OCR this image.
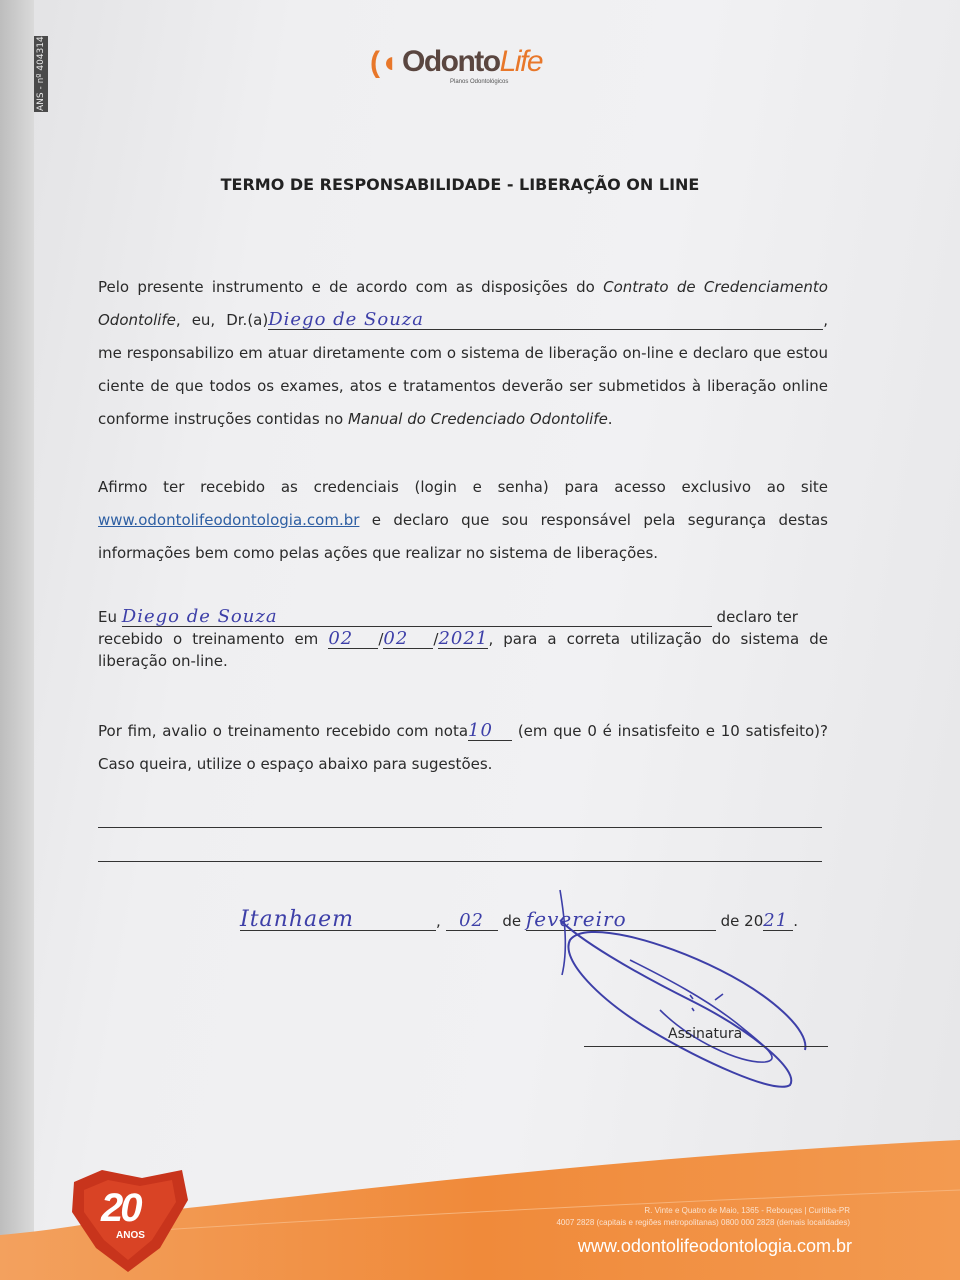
ANS - nº 404314	(◖ OdontoLife
Planos Odontológicos
TERMO DE RESPONSABILIDADE - LIBERAÇÃO ON LINE
Pelo presente instrumento e de acordo com as disposições do Contrato de Credenciamento Odontolife, eu, Dr.(a)Diego de Souza	, me responsabilizo em atuar diretamente com o sistema de liberação on-line e declaro que estou ciente de que todos os exames, atos e tratamentos deverão ser submetidos à liberação online conforme instruções contidas no Manual do Credenciado Odontolife.
Afirmo ter recebido as credenciais (login e senha) para acesso exclusivo ao site www.odontolifeodontologia.com.br e declaro que sou responsável pela segurança destas informações bem como pelas ações que realizar no sistema de liberações.
Eu Diego de Souza	declaro ter
recebido o treinamento em 02 /02 /2021, para a correta utilização do sistema de liberação on-line.
Por fim, avalio o treinamento recebido com nota10 (em que 0 é insatisfeito e 10 satisfeito)? Caso queira, utilize o espaço abaixo para sugestões.
Itanhaem	, 02 de fevereiro	de 2021 .
Assinatura
20
ANOS
R. Vinte e Quatro de Maio, 1365 - Rebouças | Curitiba-PR
4007 2828 (capitais e regiões metropolitanas) 0800 000 2828 (demais localidades)
www.odontolifeodontologia.com.br
